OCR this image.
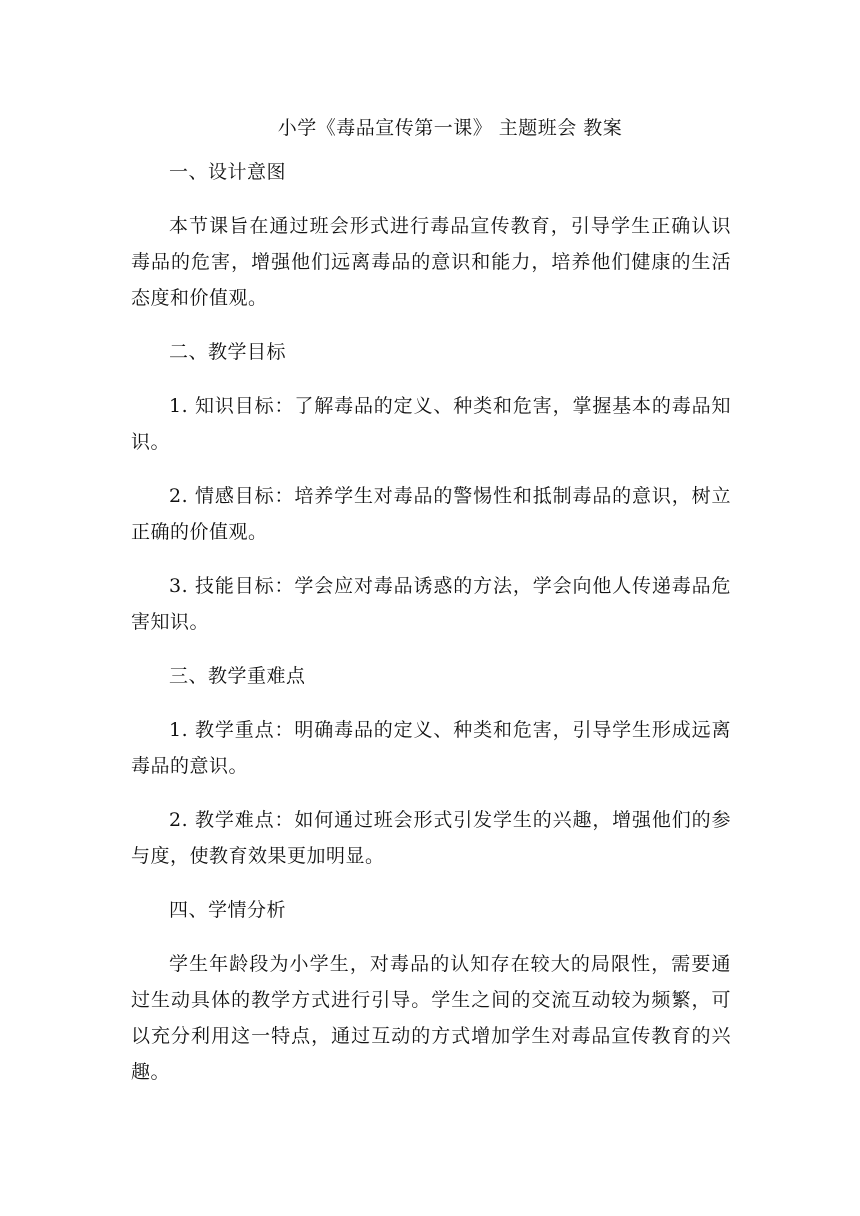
小学《毒品宣传第一课》 主题班会 教案
一、设计意图

本节课旨在通过班会形式进行毒品宣传教育，引导学生正确认识毒品的危害，增强他们远离毒品的意识和能力，培养他们健康的生活态度和价值观。

二、教学目标

1. 知识目标：了解毒品的定义、种类和危害，掌握基本的毒品知识。

2. 情感目标：培养学生对毒品的警惕性和抵制毒品的意识，树立正确的价值观。

3. 技能目标：学会应对毒品诱惑的方法，学会向他人传递毒品危害知识。

三、教学重难点

1. 教学重点：明确毒品的定义、种类和危害，引导学生形成远离毒品的意识。

2. 教学难点：如何通过班会形式引发学生的兴趣，增强他们的参与度，使教育效果更加明显。

四、学情分析

学生年龄段为小学生，对毒品的认知存在较大的局限性，需要通过生动具体的教学方式进行引导。学生之间的交流互动较为频繁，可以充分利用这一特点，通过互动的方式增加学生对毒品宣传教育的兴趣。
